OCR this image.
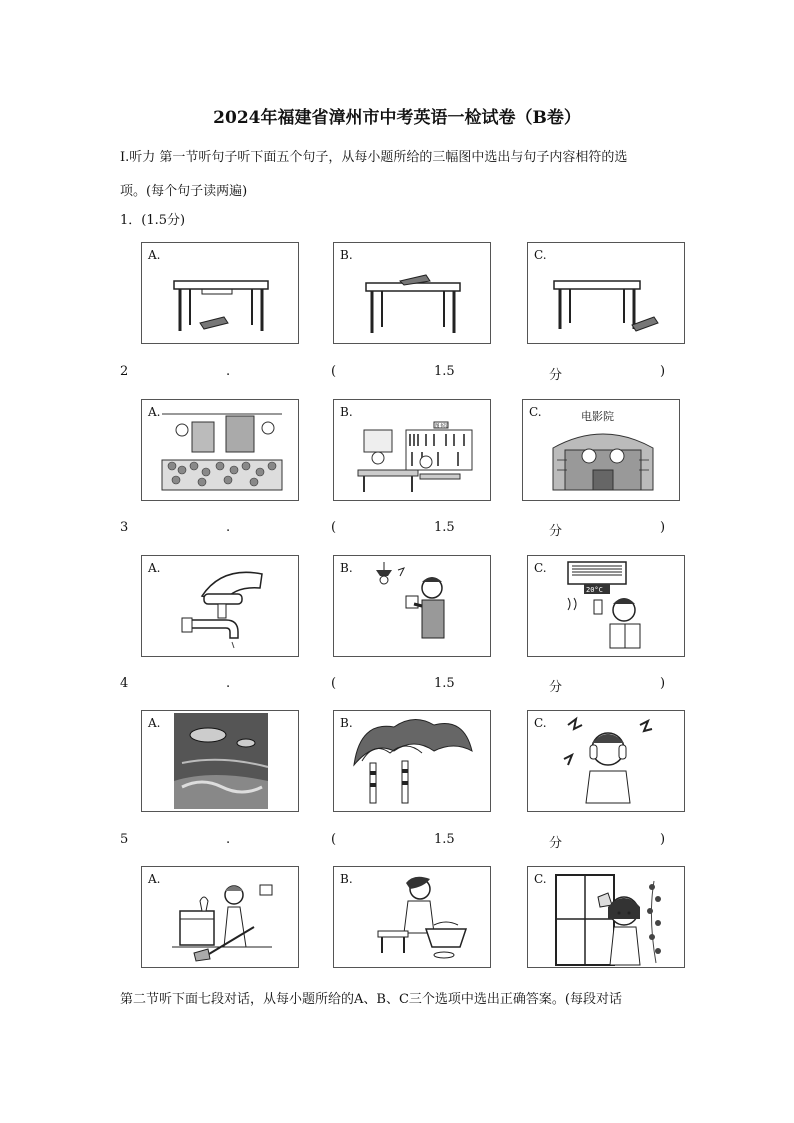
2024年福建省漳州市中考英语一检试卷（B卷）
I.听力 第一节听句子听下面五个句子，从每小题所给的三幅图中选出与句子内容相符的选
项。(每个句子读两遍)
1．(1.5分)
A.	B.	C.
2	.	(	1.5	分	)
A.	B.
图书馆
C.	电影院
3	.	(	1.5	分	)
A.	B.	C.
20°C
4	.	(	1.5	分	)
A.	B.	C.
5	.	(	1.5	分	)
A.	B.	C.
第二节听下面七段对话，从每小题所给的A、B、C三个选项中选出正确答案。(每段对话
